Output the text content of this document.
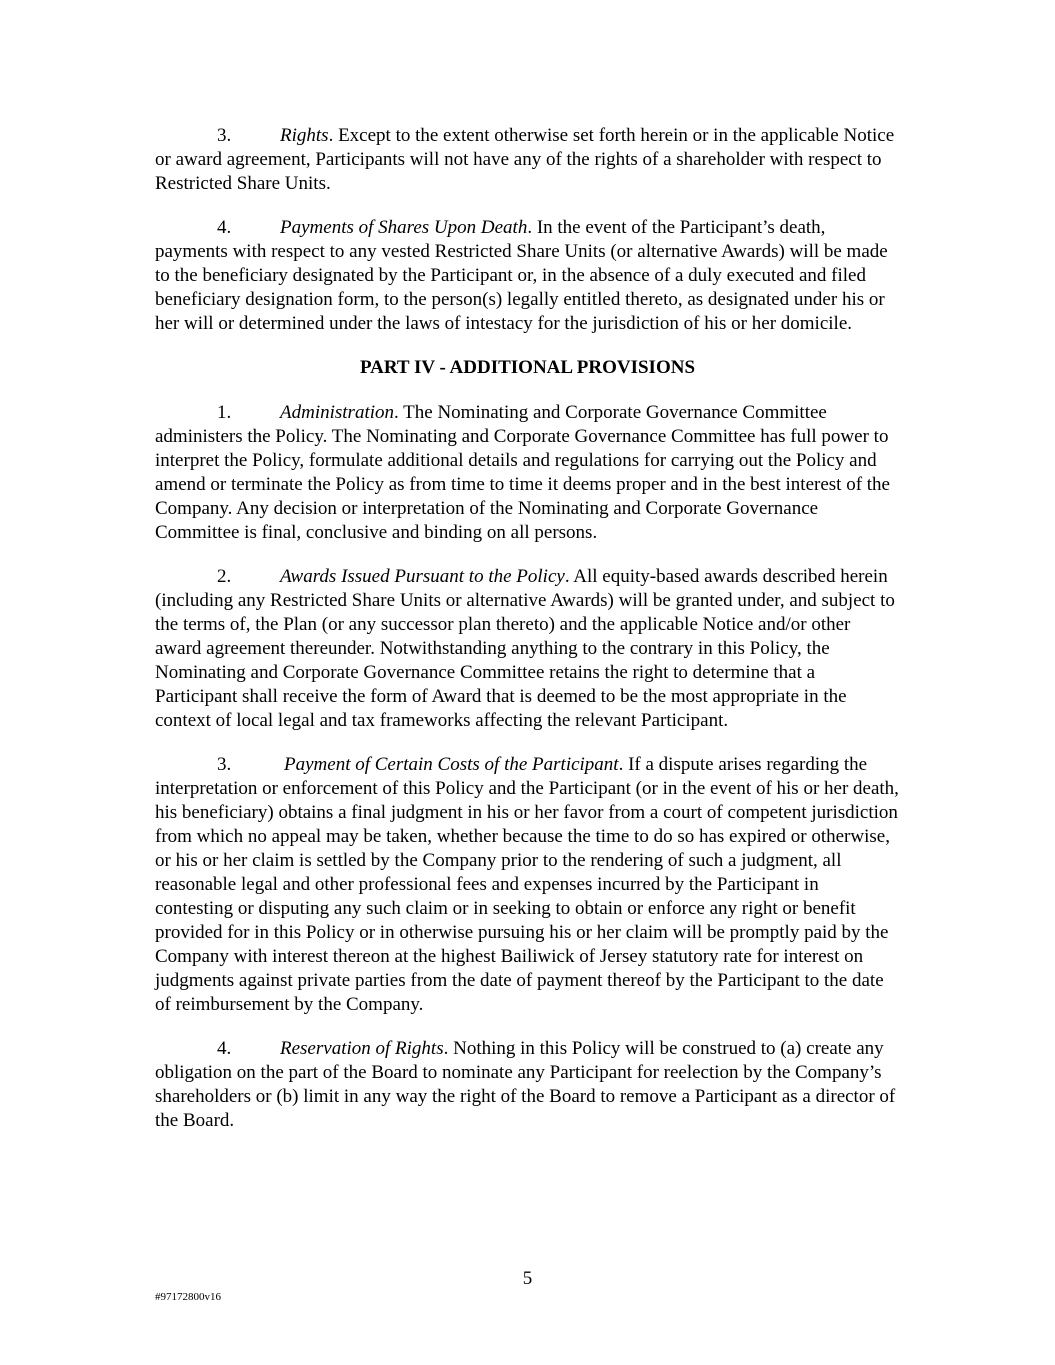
3.	Rights. Except to the extent otherwise set forth herein or in the applicable Notice or award agreement, Participants will not have any of the rights of a shareholder with respect to Restricted Share Units.

4.	Payments of Shares Upon Death. In the event of the Participant’s death, payments with respect to any vested Restricted Share Units (or alternative Awards) will be made to the beneficiary designated by the Participant or, in the absence of a duly executed and filed beneficiary designation form, to the person(s) legally entitled thereto, as designated under his or her will or determined under the laws of intestacy for the jurisdiction of his or her domicile.

PART IV - ADDITIONAL PROVISIONS

1.	Administration. The Nominating and Corporate Governance Committee administers the Policy. The Nominating and Corporate Governance Committee has full power to interpret the Policy, formulate additional details and regulations for carrying out the Policy and amend or terminate the Policy as from time to time it deems proper and in the best interest of the Company. Any decision or interpretation of the Nominating and Corporate Governance Committee is final, conclusive and binding on all persons.

2.	Awards Issued Pursuant to the Policy. All equity-based awards described herein (including any Restricted Share Units or alternative Awards) will be granted under, and subject to the terms of, the Plan (or any successor plan thereto) and the applicable Notice and/or other award agreement thereunder. Notwithstanding anything to the contrary in this Policy, the Nominating and Corporate Governance Committee retains the right to determine that a Participant shall receive the form of Award that is deemed to be the most appropriate in the context of local legal and tax frameworks affecting the relevant Participant.

3.	Payment of Certain Costs of the Participant. If a dispute arises regarding the interpretation or enforcement of this Policy and the Participant (or in the event of his or her death, his beneficiary) obtains a final judgment in his or her favor from a court of competent jurisdiction from which no appeal may be taken, whether because the time to do so has expired or otherwise, or his or her claim is settled by the Company prior to the rendering of such a judgment, all reasonable legal and other professional fees and expenses incurred by the Participant in contesting or disputing any such claim or in seeking to obtain or enforce any right or benefit provided for in this Policy or in otherwise pursuing his or her claim will be promptly paid by the Company with interest thereon at the highest Bailiwick of Jersey statutory rate for interest on judgments against private parties from the date of payment thereof by the Participant to the date of reimbursement by the Company.

4.	Reservation of Rights. Nothing in this Policy will be construed to (a) create any obligation on the part of the Board to nominate any Participant for reelection by the Company’s shareholders or (b) limit in any way the right of the Board to remove a Participant as a director of the Board.

5
#97172800v16
